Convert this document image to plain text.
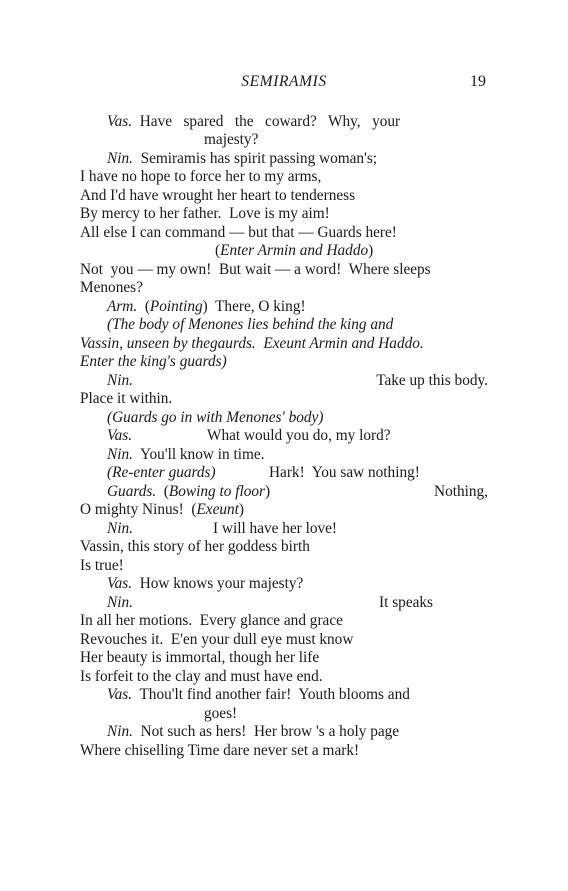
SEMIRAMIS	19
Vas.  Have   spared   the   coward?   Why,   your
majesty?
Nin.  Semiramis has spirit passing woman's;
I have no hope to force her to my arms,
And I'd have wrought her heart to tenderness
By mercy to her father.  Love is my aim!
All else I can command — but that — Guards here!
(Enter Armin and Haddo)
Not  you — my own!  But wait — a word!  Where sleeps
Menones?
Arm.  (Pointing)  There, O king!
(The body of Menones lies behind the king and
Vassin, unseen by thegaurds.  Exeunt Armin and Haddo.
Enter the king's guards)
Nin.	Take up this body.
Place it within.
(Guards go in with Menones' body)
Vas.	What would you do, my lord?
Nin.  You'll know in time.
(Re-enter guards)	Hark!  You saw nothing!
Guards.  (Bowing to floor)	Nothing,
O mighty Ninus!  (Exeunt)
Nin.	I will have her love!
Vassin, this story of her goddess birth
Is true!
Vas.  How knows your majesty?
Nin.	It speaks
In all her motions.  Every glance and grace
Revouches it.  E'en your dull eye must know
Her beauty is immortal, though her life
Is forfeit to the clay and must have end.
Vas.  Thou'lt find another fair!  Youth blooms and
goes!
Nin.  Not such as hers!  Her brow 's a holy page
Where chiselling Time dare never set a mark!
